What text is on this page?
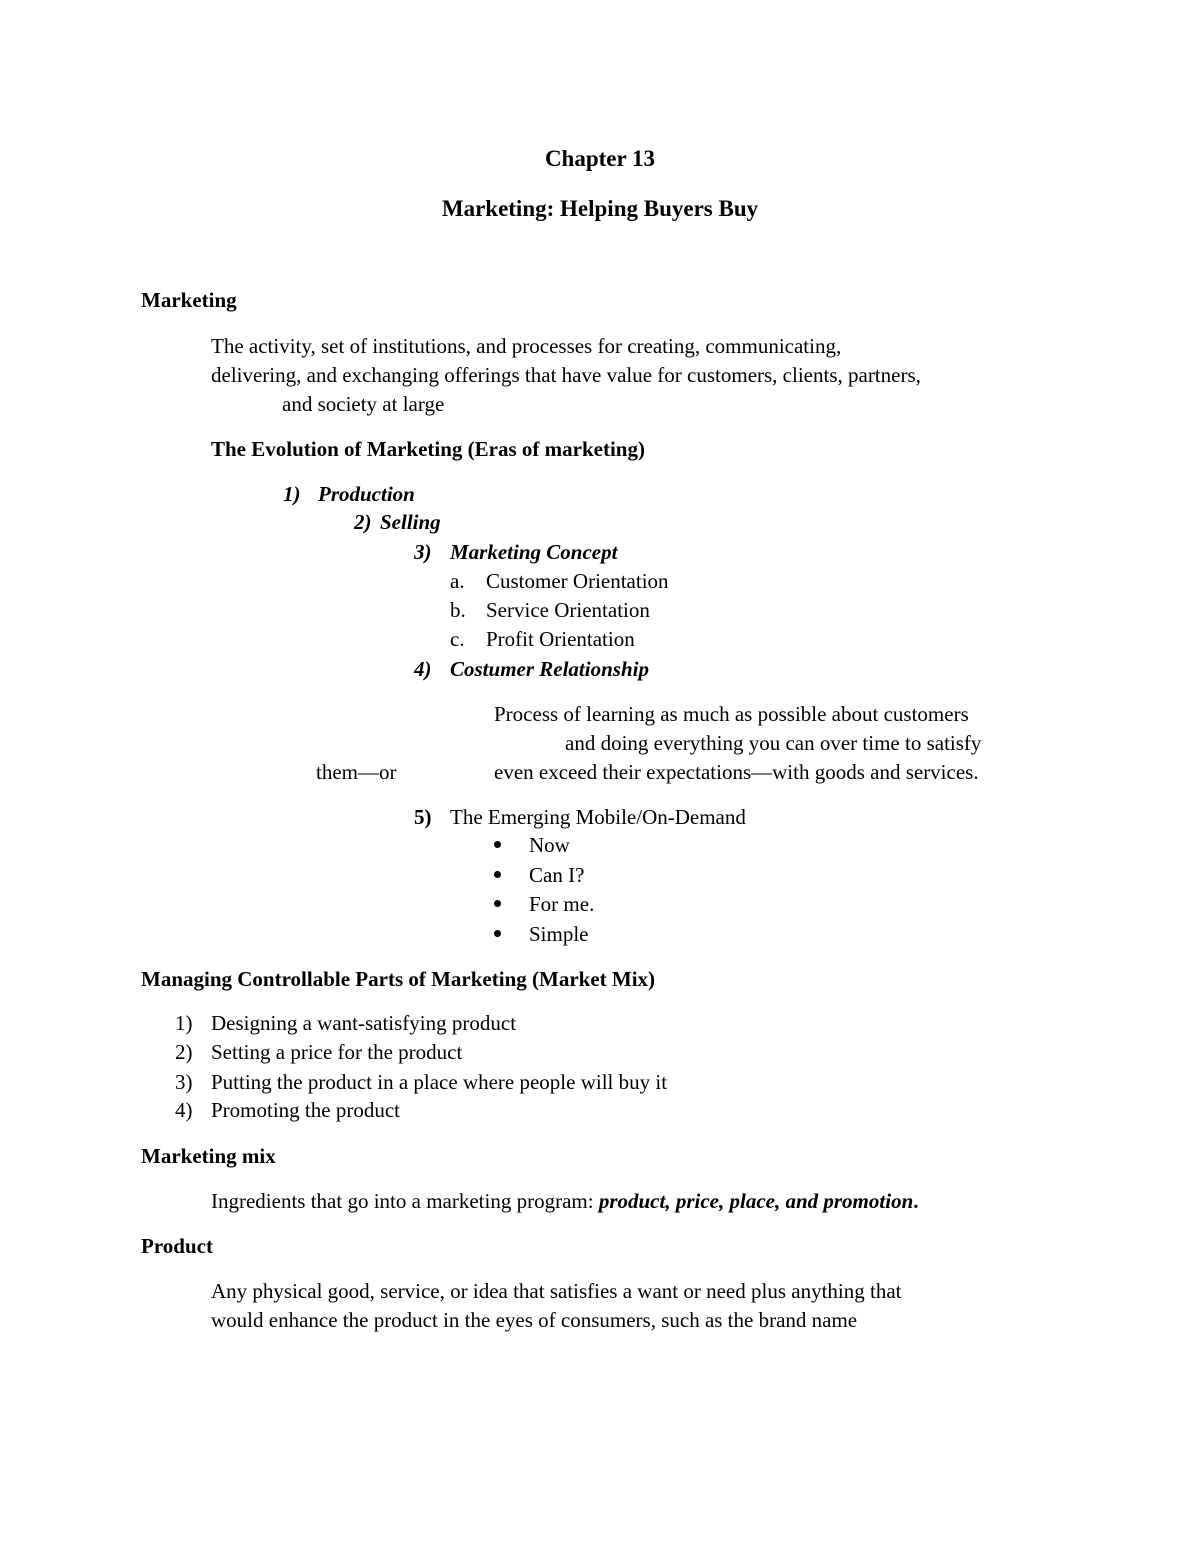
Chapter 13
Marketing: Helping Buyers Buy
Marketing
The activity, set of institutions, and processes for creating, communicating,
delivering, and exchanging offerings that have value for customers, clients, partners,
and society at large
The Evolution of Marketing (Eras of marketing)
1) Production
2) Selling
3) Marketing Concept
a. Customer Orientation
b. Service Orientation
c. Profit Orientation
4) Costumer Relationship
Process of learning as much as possible about customers
and doing everything you can over time to satisfy
them—or	even exceed their expectations—with goods and services.
5) The Emerging Mobile/On-Demand
Now
Can I?
For me.
Simple
Managing Controllable Parts of Marketing (Market Mix)
1) Designing a want-satisfying product
2) Setting a price for the product
3) Putting the product in a place where people will buy it
4) Promoting the product
Marketing mix
Ingredients that go into a marketing program: product, price, place, and promotion.
Product
Any physical good, service, or idea that satisfies a want or need plus anything that
would enhance the product in the eyes of consumers, such as the brand name
